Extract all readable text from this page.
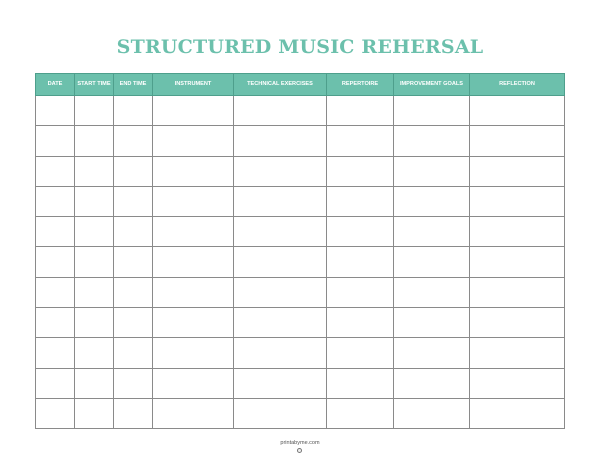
STRUCTURED MUSIC REHERSAL
DATE	START TIME	END TIME	INSTRUMENT	TECHNICAL EXERCISES	REPERTOIRE	IMPROVEMENT GOALS	REFLECTION

printabyme.com
